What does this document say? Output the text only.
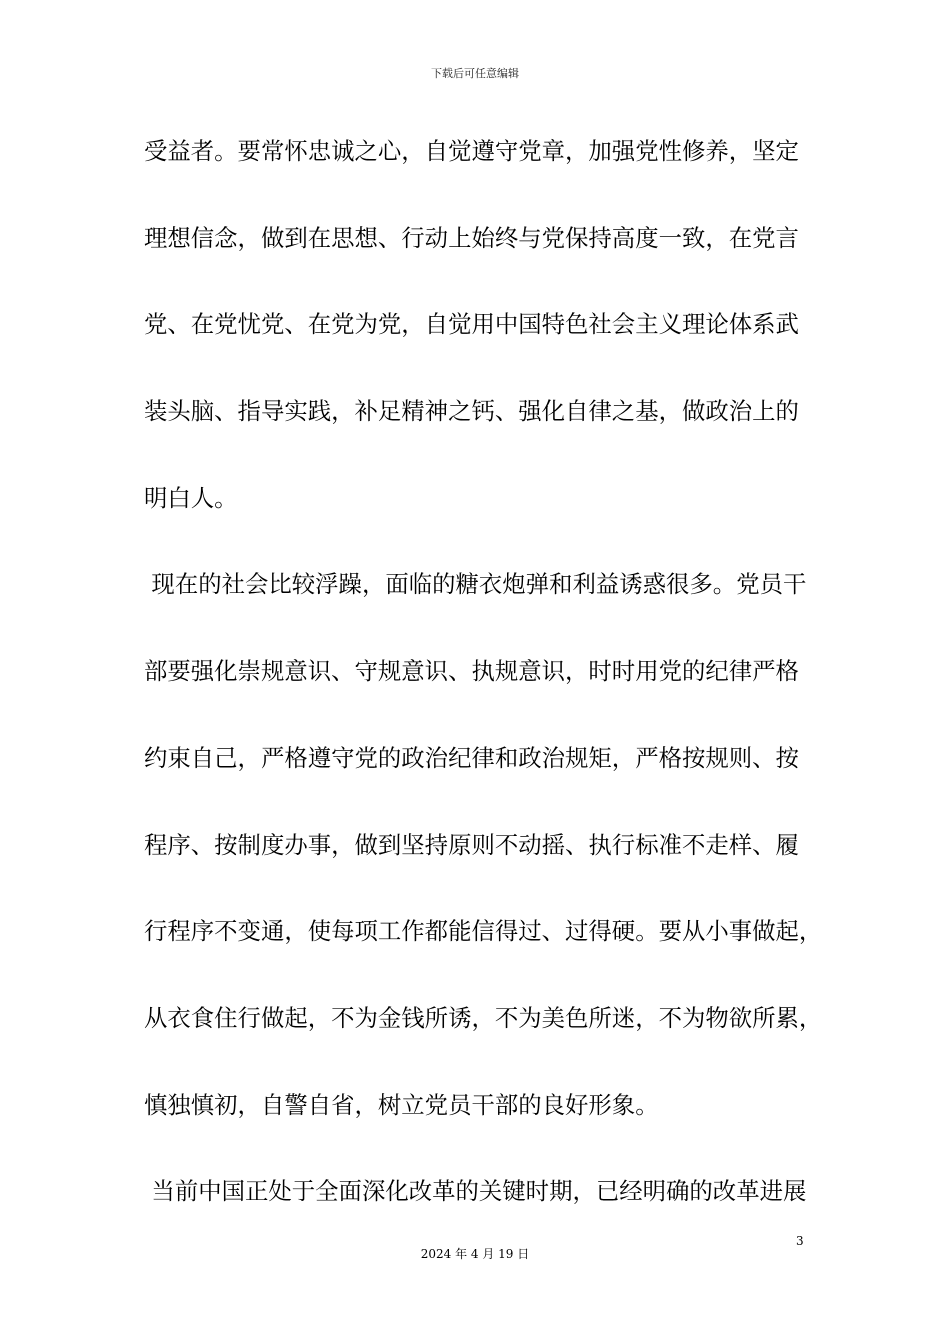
下载后可任意编辑
受益者。要常怀忠诚之心，自觉遵守党章，加强党性修养，坚定
理想信念，做到在思想、行动上始终与党保持高度一致，在党言
党、在党忧党、在党为党，自觉用中国特色社会主义理论体系武
装头脑、指导实践，补足精神之钙、强化自律之基，做政治上的
明白人。
现在的社会比较浮躁，面临的糖衣炮弹和利益诱惑很多。党员干
部要强化崇规意识、守规意识、执规意识，时时用党的纪律严格
约束自己，严格遵守党的政治纪律和政治规矩，严格按规则、按
程序、按制度办事，做到坚持原则不动摇、执行标准不走样、履
行程序不变通，使每项工作都能信得过、过得硬。要从小事做起，
从衣食住行做起，不为金钱所诱，不为美色所迷，不为物欲所累，
慎独慎初，自警自省，树立党员干部的良好形象。
当前中国正处于全面深化改革的关键时期，已经明确的改革进展
3
2024 年 4 月 19 日
